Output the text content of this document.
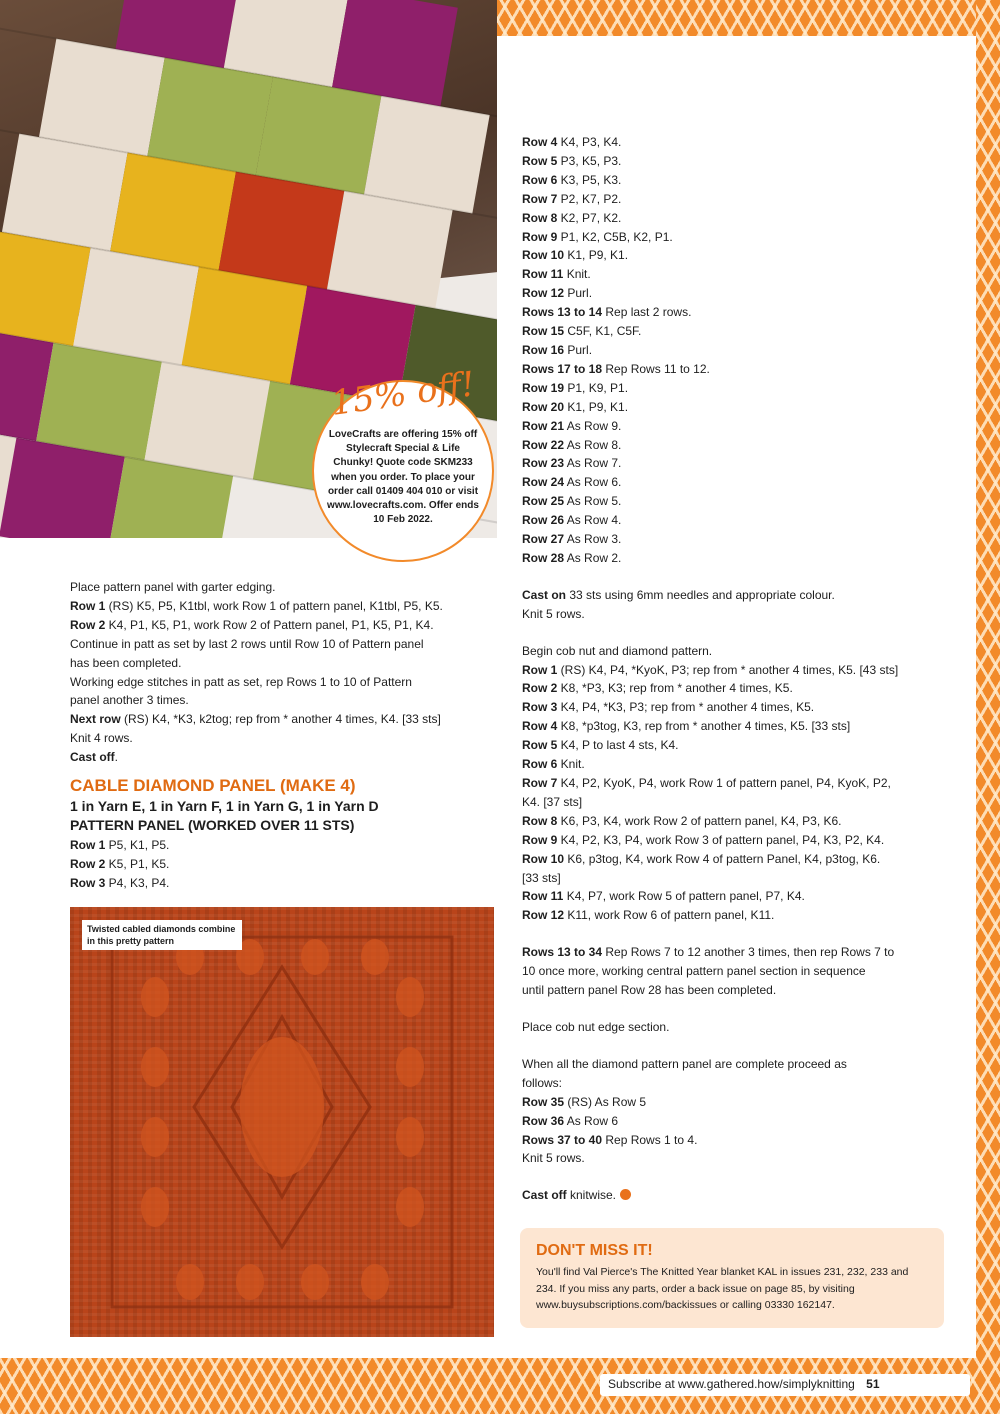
15% off!
LoveCrafts are offering 15% off Stylecraft Special & Life Chunky! Quote code SKM233 when you order. To place your order call 01409 404 010 or visit www.lovecrafts.com. Offer ends 10 Feb 2022.

Row 4 K4, P3, K4.

Row 5 P3, K5, P3.

Row 6 K3, P5, K3.

Row 7 P2, K7, P2.

Row 8 K2, P7, K2.

Row 9 P1, K2, C5B, K2, P1.

Row 10 K1, P9, K1.

Row 11 Knit.

Row 12 Purl.

Rows 13 to 14 Rep last 2 rows.

Row 15 C5F, K1, C5F.

Row 16 Purl.

Rows 17 to 18 Rep Rows 11 to 12.

Row 19 P1, K9, P1.

Row 20 K1, P9, K1.

Row 21 As Row 9.

Row 22 As Row 8.

Row 23 As Row 7.

Row 24 As Row 6.

Row 25 As Row 5.

Row 26 As Row 4.

Row 27 As Row 3.

Row 28 As Row 2.

Cast on 33 sts using 6mm needles and appropriate colour.

Knit 5 rows.

Begin cob nut and diamond pattern.

Row 1 (RS) K4, P4, *KyoK, P3; rep from * another 4 times, K5. [43 sts]

Row 2 K8, *P3, K3; rep from * another 4 times, K5.

Row 3 K4, P4, *K3, P3; rep from * another 4 times, K5.

Row 4 K8, *p3tog, K3, rep from * another 4 times, K5. [33 sts]

Row 5 K4, P to last 4 sts, K4.

Row 6 Knit.

Row 7 K4, P2, KyoK, P4, work Row 1 of pattern panel, P4, KyoK, P2,

K4. [37 sts]

Row 8 K6, P3, K4, work Row 2 of pattern panel, K4, P3, K6.

Row 9 K4, P2, K3, P4, work Row 3 of pattern panel, P4, K3, P2, K4.

Row 10 K6, p3tog, K4, work Row 4 of pattern Panel, K4, p3tog, K6.

[33 sts]

Row 11 K4, P7, work Row 5 of pattern panel, P7, K4.

Row 12 K11, work Row 6 of pattern panel, K11.

Rows 13 to 34 Rep Rows 7 to 12 another 3 times, then rep Rows 7 to

10 once more, working central pattern panel section in sequence

until pattern panel Row 28 has been completed.

Place cob nut edge section.

When all the diamond pattern panel are complete proceed as

follows:

Row 35 (RS) As Row 5

Row 36 As Row 6

Rows 37 to 40 Rep Rows 1 to 4.

Knit 5 rows.

Cast off knitwise.

Place pattern panel with garter edging.

Row 1 (RS) K5, P5, K1tbl, work Row 1 of pattern panel, K1tbl, P5, K5.

Row 2 K4, P1, K5, P1, work Row 2 of Pattern panel, P1, K5, P1, K4.

Continue in patt as set by last 2 rows until Row 10 of Pattern panel

has been completed.

Working edge stitches in patt as set, rep Rows 1 to 10 of Pattern

panel another 3 times.

Next row (RS) K4, *K3, k2tog; rep from * another 4 times, K4. [33 sts]

Knit 4 rows.

Cast off.

CABLE DIAMOND PANEL (MAKE 4)
1 in Yarn E, 1 in Yarn F, 1 in Yarn G, 1 in Yarn D
PATTERN PANEL (WORKED OVER 11 STS)

Row 1 P5, K1, P5.

Row 2 K5, P1, K5.

Row 3 P4, K3, P4.

Twisted cabled diamonds combine in this pretty pattern
DON'T MISS IT!
You'll find Val Pierce's The Knitted Year blanket KAL in issues 231, 232, 233 and 234. If you miss any parts, order a back issue on page 85, by visiting www.buysubscriptions.com/backissues or calling 03330 162147.
Subscribe at www.gathered.how/simplyknitting 51
